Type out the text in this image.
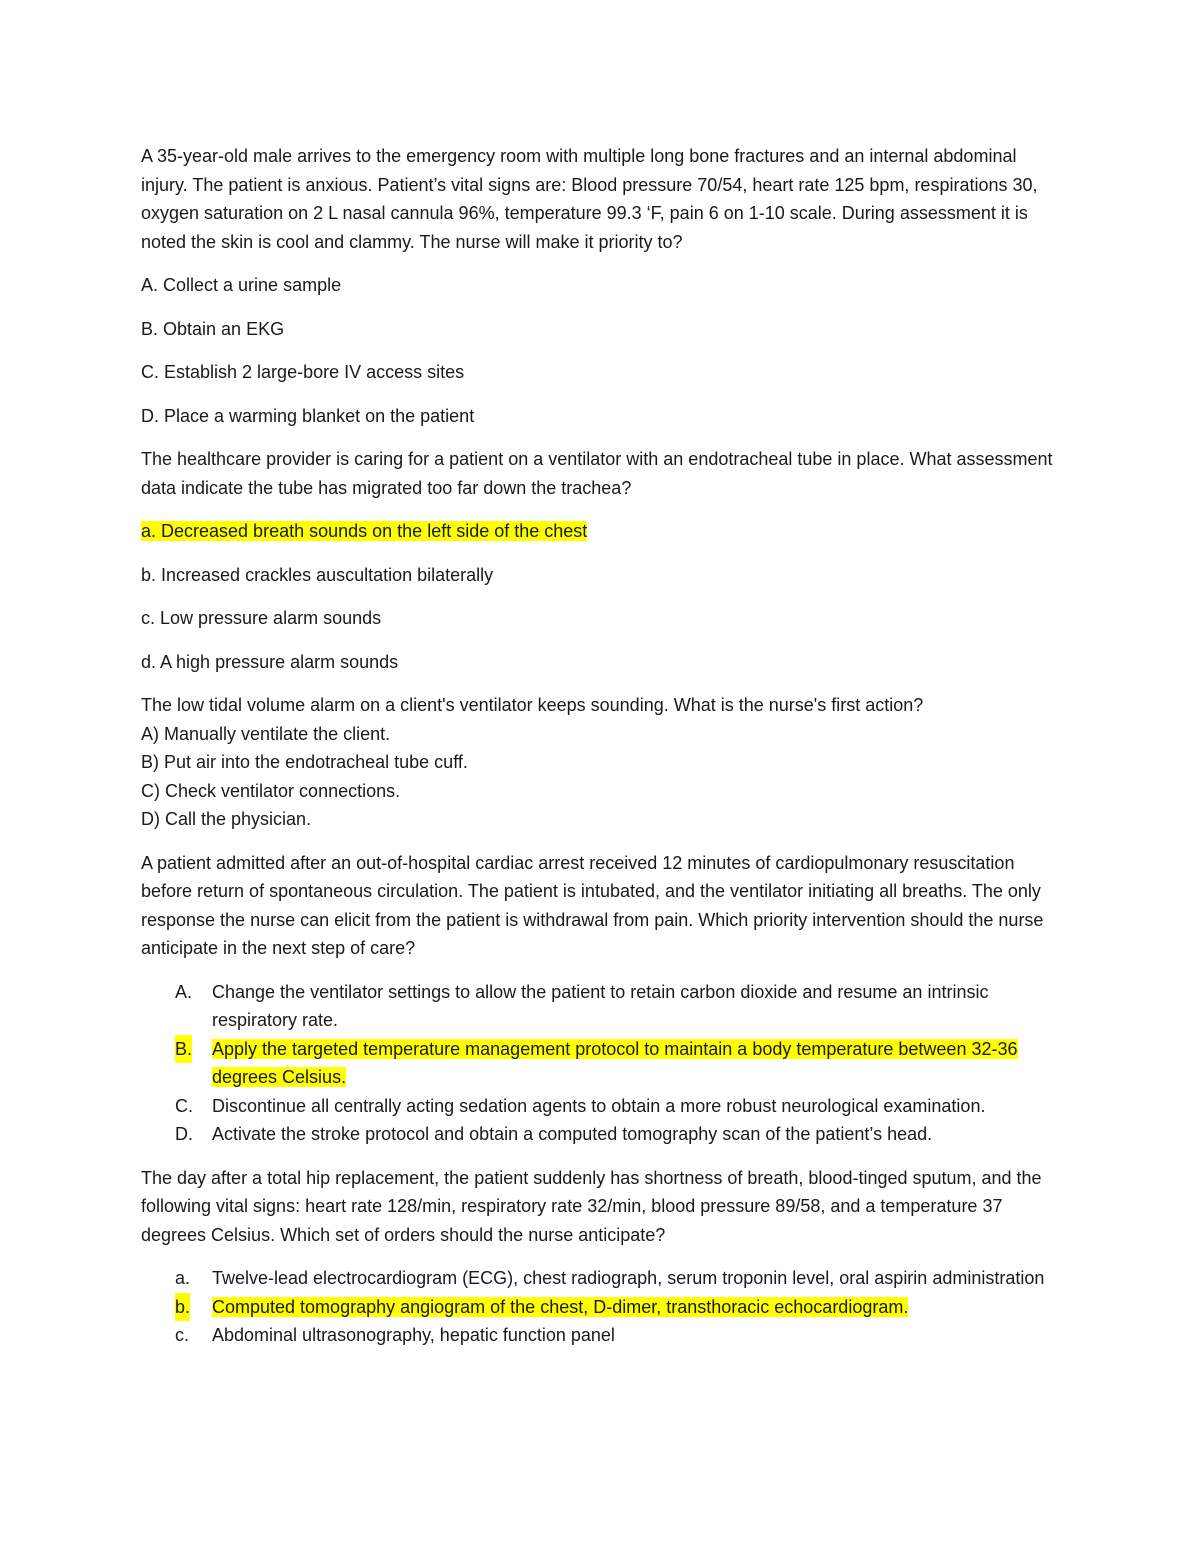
A 35-year-old male arrives to the emergency room with multiple long bone fractures and an internal abdominal injury. The patient is anxious. Patient’s vital signs are: Blood pressure 70/54, heart rate 125 bpm, respirations 30, oxygen saturation on 2 L nasal cannula 96%, temperature 99.3 ‘F, pain 6 on 1-10 scale. During assessment it is noted the skin is cool and clammy. The nurse will make it priority to?

A. Collect a urine sample

B. Obtain an EKG

C. Establish 2 large-bore IV access sites

D. Place a warming blanket on the patient

The healthcare provider is caring for a patient on a ventilator with an endotracheal tube in place. What assessment data indicate the tube has migrated too far down the trachea?

a. Decreased breath sounds on the left side of the chest

b. Increased crackles auscultation bilaterally

c. Low pressure alarm sounds

d. A high pressure alarm sounds

The low tidal volume alarm on a client's ventilator keeps sounding. What is the nurse's first action?
A) Manually ventilate the client.
B) Put air into the endotracheal tube cuff.
C) Check ventilator connections.
D) Call the physician.

A patient admitted after an out-of-hospital cardiac arrest received 12 minutes of cardiopulmonary resuscitation before return of spontaneous circulation. The patient is intubated, and the ventilator initiating all breaths. The only response the nurse can elicit from the patient is withdrawal from pain. Which priority intervention should the nurse anticipate in the next step of care?

A. Change the ventilator settings to allow the patient to retain carbon dioxide and resume an intrinsic respiratory rate.
B. Apply the targeted temperature management protocol to maintain a body temperature between 32-36 degrees Celsius.
C. Discontinue all centrally acting sedation agents to obtain a more robust neurological examination.
D. Activate the stroke protocol and obtain a computed tomography scan of the patient’s head.

The day after a total hip replacement, the patient suddenly has shortness of breath, blood-tinged sputum, and the following vital signs: heart rate 128/min, respiratory rate 32/min, blood pressure 89/58, and a temperature 37 degrees Celsius. Which set of orders should the nurse anticipate?

a. Twelve-lead electrocardiogram (ECG), chest radiograph, serum troponin level, oral aspirin administration
b. Computed tomography angiogram of the chest, D-dimer, transthoracic echocardiogram.
c. Abdominal ultrasonography, hepatic function panel
